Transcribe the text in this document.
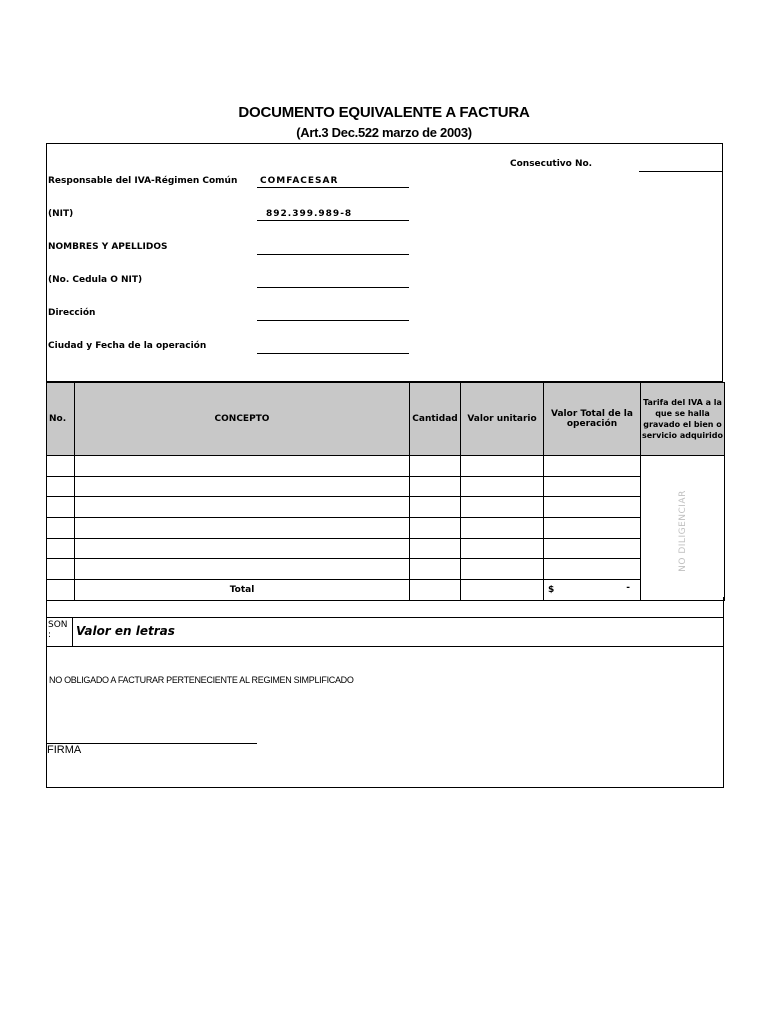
DOCUMENTO EQUIVALENTE A FACTURA
(Art.3 Dec.522 marzo de 2003)
Consecutivo No.
Responsable del IVA-Régimen Común	COMFACESAR
(NIT)	892.399.989-8
NOMBRES Y APELLIDOS
(No. Cedula O NIT)
Dirección
Ciudad y Fecha de la operación
No.	CONCEPTO	Cantidad	Valor unitario	Valor Total de la operación	Tarifa del IVA a la que se halla gravado el bien o servicio adquirido
					NO DILIGENCIAR

	Total			$ -	
SON :	Valor en letras
NO OBLIGADO A FACTURAR PERTENECIENTE AL REGIMEN SIMPLIFICADO
FIRMA
